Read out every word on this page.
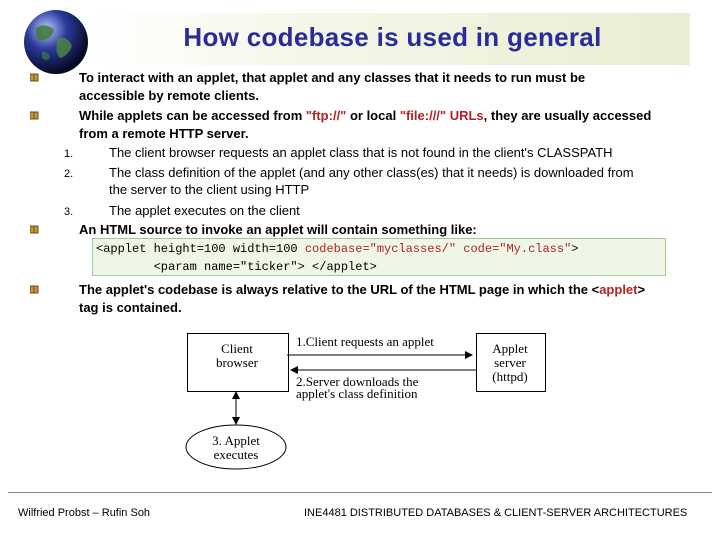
How codebase is used in general
To interact with an applet, that applet and any classes that it needs to run must be
accessible by remote clients.
While applets can be accessed from "ftp://" or local "file:///" URLs, they are usually accessed
from a remote HTTP server.
1.	The client browser requests an applet class that is not found in the client's CLASSPATH
2.	The class definition of the applet (and any other class(es) that it needs) is downloaded from
the server to the client using HTTP
3.	The applet executes on the client
An HTML source to invoke an applet will contain something like:
<applet height=100 width=100 codebase="myclasses/" code="My.class">
<param name="ticker"> </applet>
The applet's codebase is always relative to the URL of the HTML page in which the <applet>
tag is contained.
Client
browser
Applet
server
(httpd)
1.Client requests an applet
2.Server downloads the
applet's class definition
3. Applet
executes
Wilfried Probst – Rufin Soh	INE4481 DISTRIBUTED DATABASES & CLIENT-SERVER ARCHITECTURES
